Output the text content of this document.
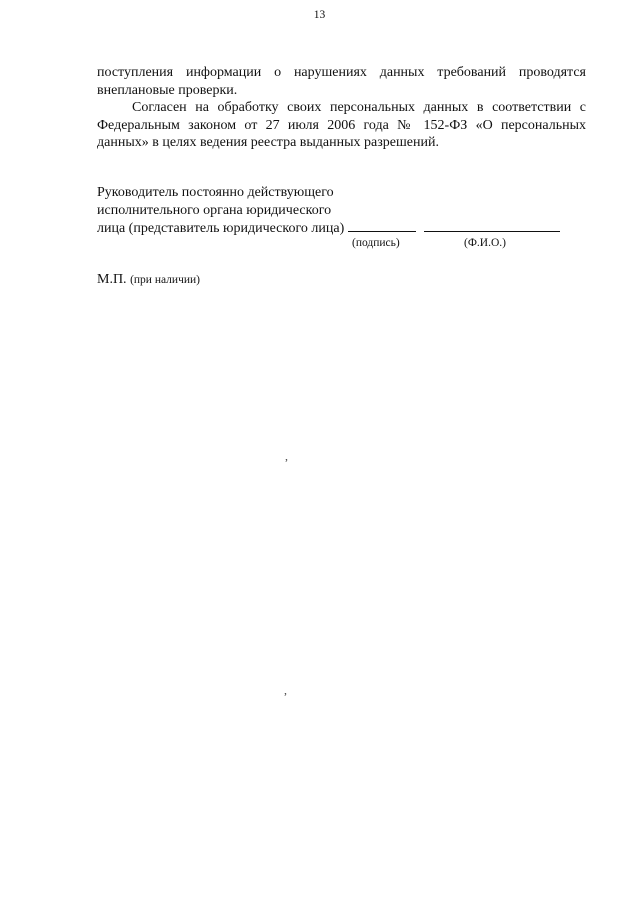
13

поступления информации о нарушениях данных требований проводятся внеплановые проверки.

Согласен на обработку своих персональных данных в соответствии с Федеральным законом от 27 июля 2006 года № 152-ФЗ «О персональных данных» в целях ведения реестра выданных разрешений.

Руководитель постоянно действующего
исполнительного органа юридического
лица (представитель юридического лица)
(подпись)	(Ф.И.О.)
М.П. (при наличии)
,
,
